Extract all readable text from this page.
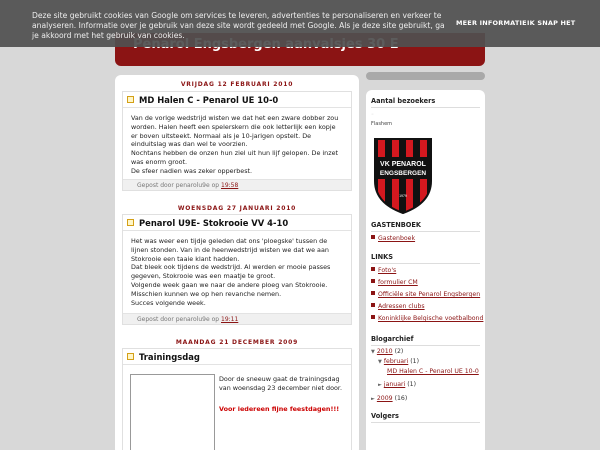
Deze site gebruikt cookies van Google om services te leveren, advertenties te personaliseren en verkeer te analyseren. Informatie over je gebruik van deze site wordt gedeeld met Google. Als je deze site gebruikt, ga je akkoord met het gebruik van cookies.
MEER INFORMATIE IK SNAP HET
VRIJDAG 12 FEBRUARI 2010
MD Halen C - Penarol UE 10-0

Van de vorige wedstrijd wisten we dat het een zware dobber zou worden. Halen heeft een spelerskern die ook letterlijk een kopje er boven uitsteekt. Normaal als je 10-jarigen opstelt. De einduitslag was dan wel te voorzien.

Nochtans hebben de onzen hun ziel uit hun lijf gelopen. De inzet was enorm groot.

De sfeer nadien was zeker opperbest.

Gepost door penarolu9e op 19:58
WOENSDAG 27 JANUARI 2010
Penarol U9E- Stokrooie VV 4-10

Het was weer een tijdje geleden dat ons 'ploegske' tussen de lijnen stonden. Van in de heenwedstrijd wisten we dat we aan Stokrooie een taaie klant hadden.

Dat bleek ook tijdens de wedstrijd. Al werden er mooie passes gegeven, Stokrooie was een maatje te groot.

Volgende week gaan we naar de andere ploeg van Stokrooie.

Misschien kunnen we op hen revanche nemen.

Succes volgende week.

Gepost door penarolu9e op 19:11
MAANDAG 21 DECEMBER 2009
Trainingsdag
Door de sneeuw gaat de trainingsdag van woensdag 23 december niet door.
Voor iedereen fijne feestdagen!!!
Aantal bezoekers
◦
Flashem
VK PENAROL
ENGSBERGEN
1979
GASTENBOEK
Gastenboek
LINKS
Foto's
formulier CM
Officiële site Penarol Engsbergen
Adressen clubs
Koninklijke Belgische voetbalbond
Blogarchief
▼ 2010 (2)
▼ februari (1)
MD Halen C - Penarol UE 10-0
► januari (1)
► 2009 (16)
Volgers
